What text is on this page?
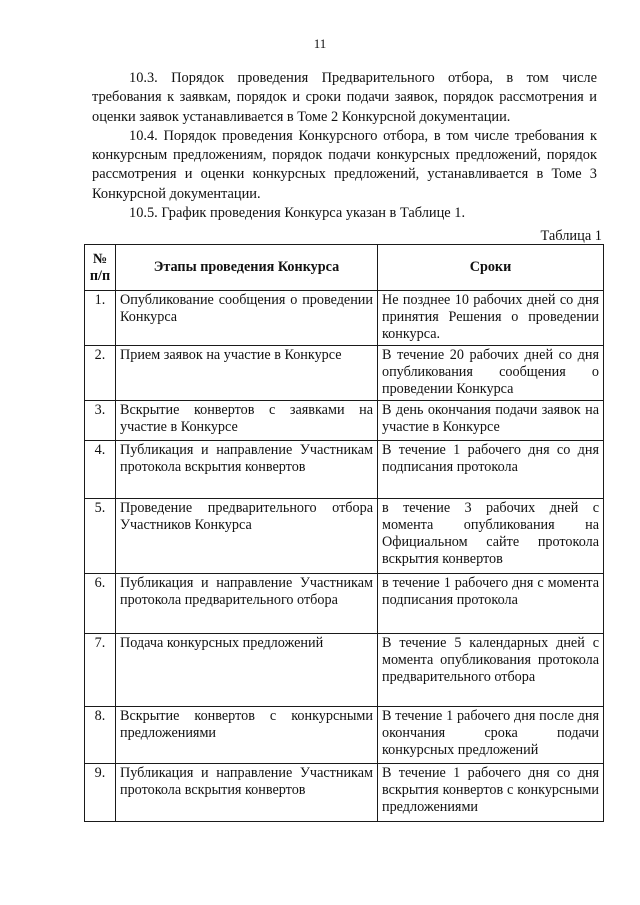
11

10.3. Порядок проведения Предварительного отбора, в том числе требования к заявкам, порядок и сроки подачи заявок, порядок рассмотрения и оценки заявок устанавливается в Томе 2 Конкурсной документации.

10.4. Порядок проведения Конкурсного отбора, в том числе требования к конкурсным предложениям, порядок подачи конкурсных предложений, порядок рассмотрения и оценки конкурсных предложений, устанавливается в Томе 3 Конкурсной документации.

10.5. График проведения Конкурса указан в Таблице 1.

Таблица 1
№ п/п	Этапы проведения Конкурса	Сроки
1.	Опубликование сообщения о проведении Конкурса	Не позднее 10 рабочих дней со дня принятия Решения о проведении конкурса.
2.	Прием заявок на участие в Конкурсе	В течение 20 рабочих дней со дня опубликования сообщения о проведении Конкурса
3.	Вскрытие конвертов с заявками на участие в Конкурсе	В день окончания подачи заявок на участие в Конкурсе
4.	Публикация и направление Участникам протокола вскрытия конвертов	В течение 1 рабочего дня со дня подписания протокола
5.	Проведение предварительного отбора Участников Конкурса	в течение 3 рабочих дней с момента опубликования на Официальном сайте протокола вскрытия конвертов
6.	Публикация и направление Участникам протокола предварительного отбора	в течение 1 рабочего дня с момента подписания протокола
7.	Подача конкурсных предложений	В течение 5 календарных дней с момента опубликования протокола предварительного отбора
8.	Вскрытие конвертов с конкурсными предложениями	В течение 1 рабочего дня после дня окончания срока подачи конкурсных предложений
9.	Публикация и направление Участникам протокола вскрытия конвертов	В течение 1 рабочего дня со дня вскрытия конвертов с конкурсными предложениями
